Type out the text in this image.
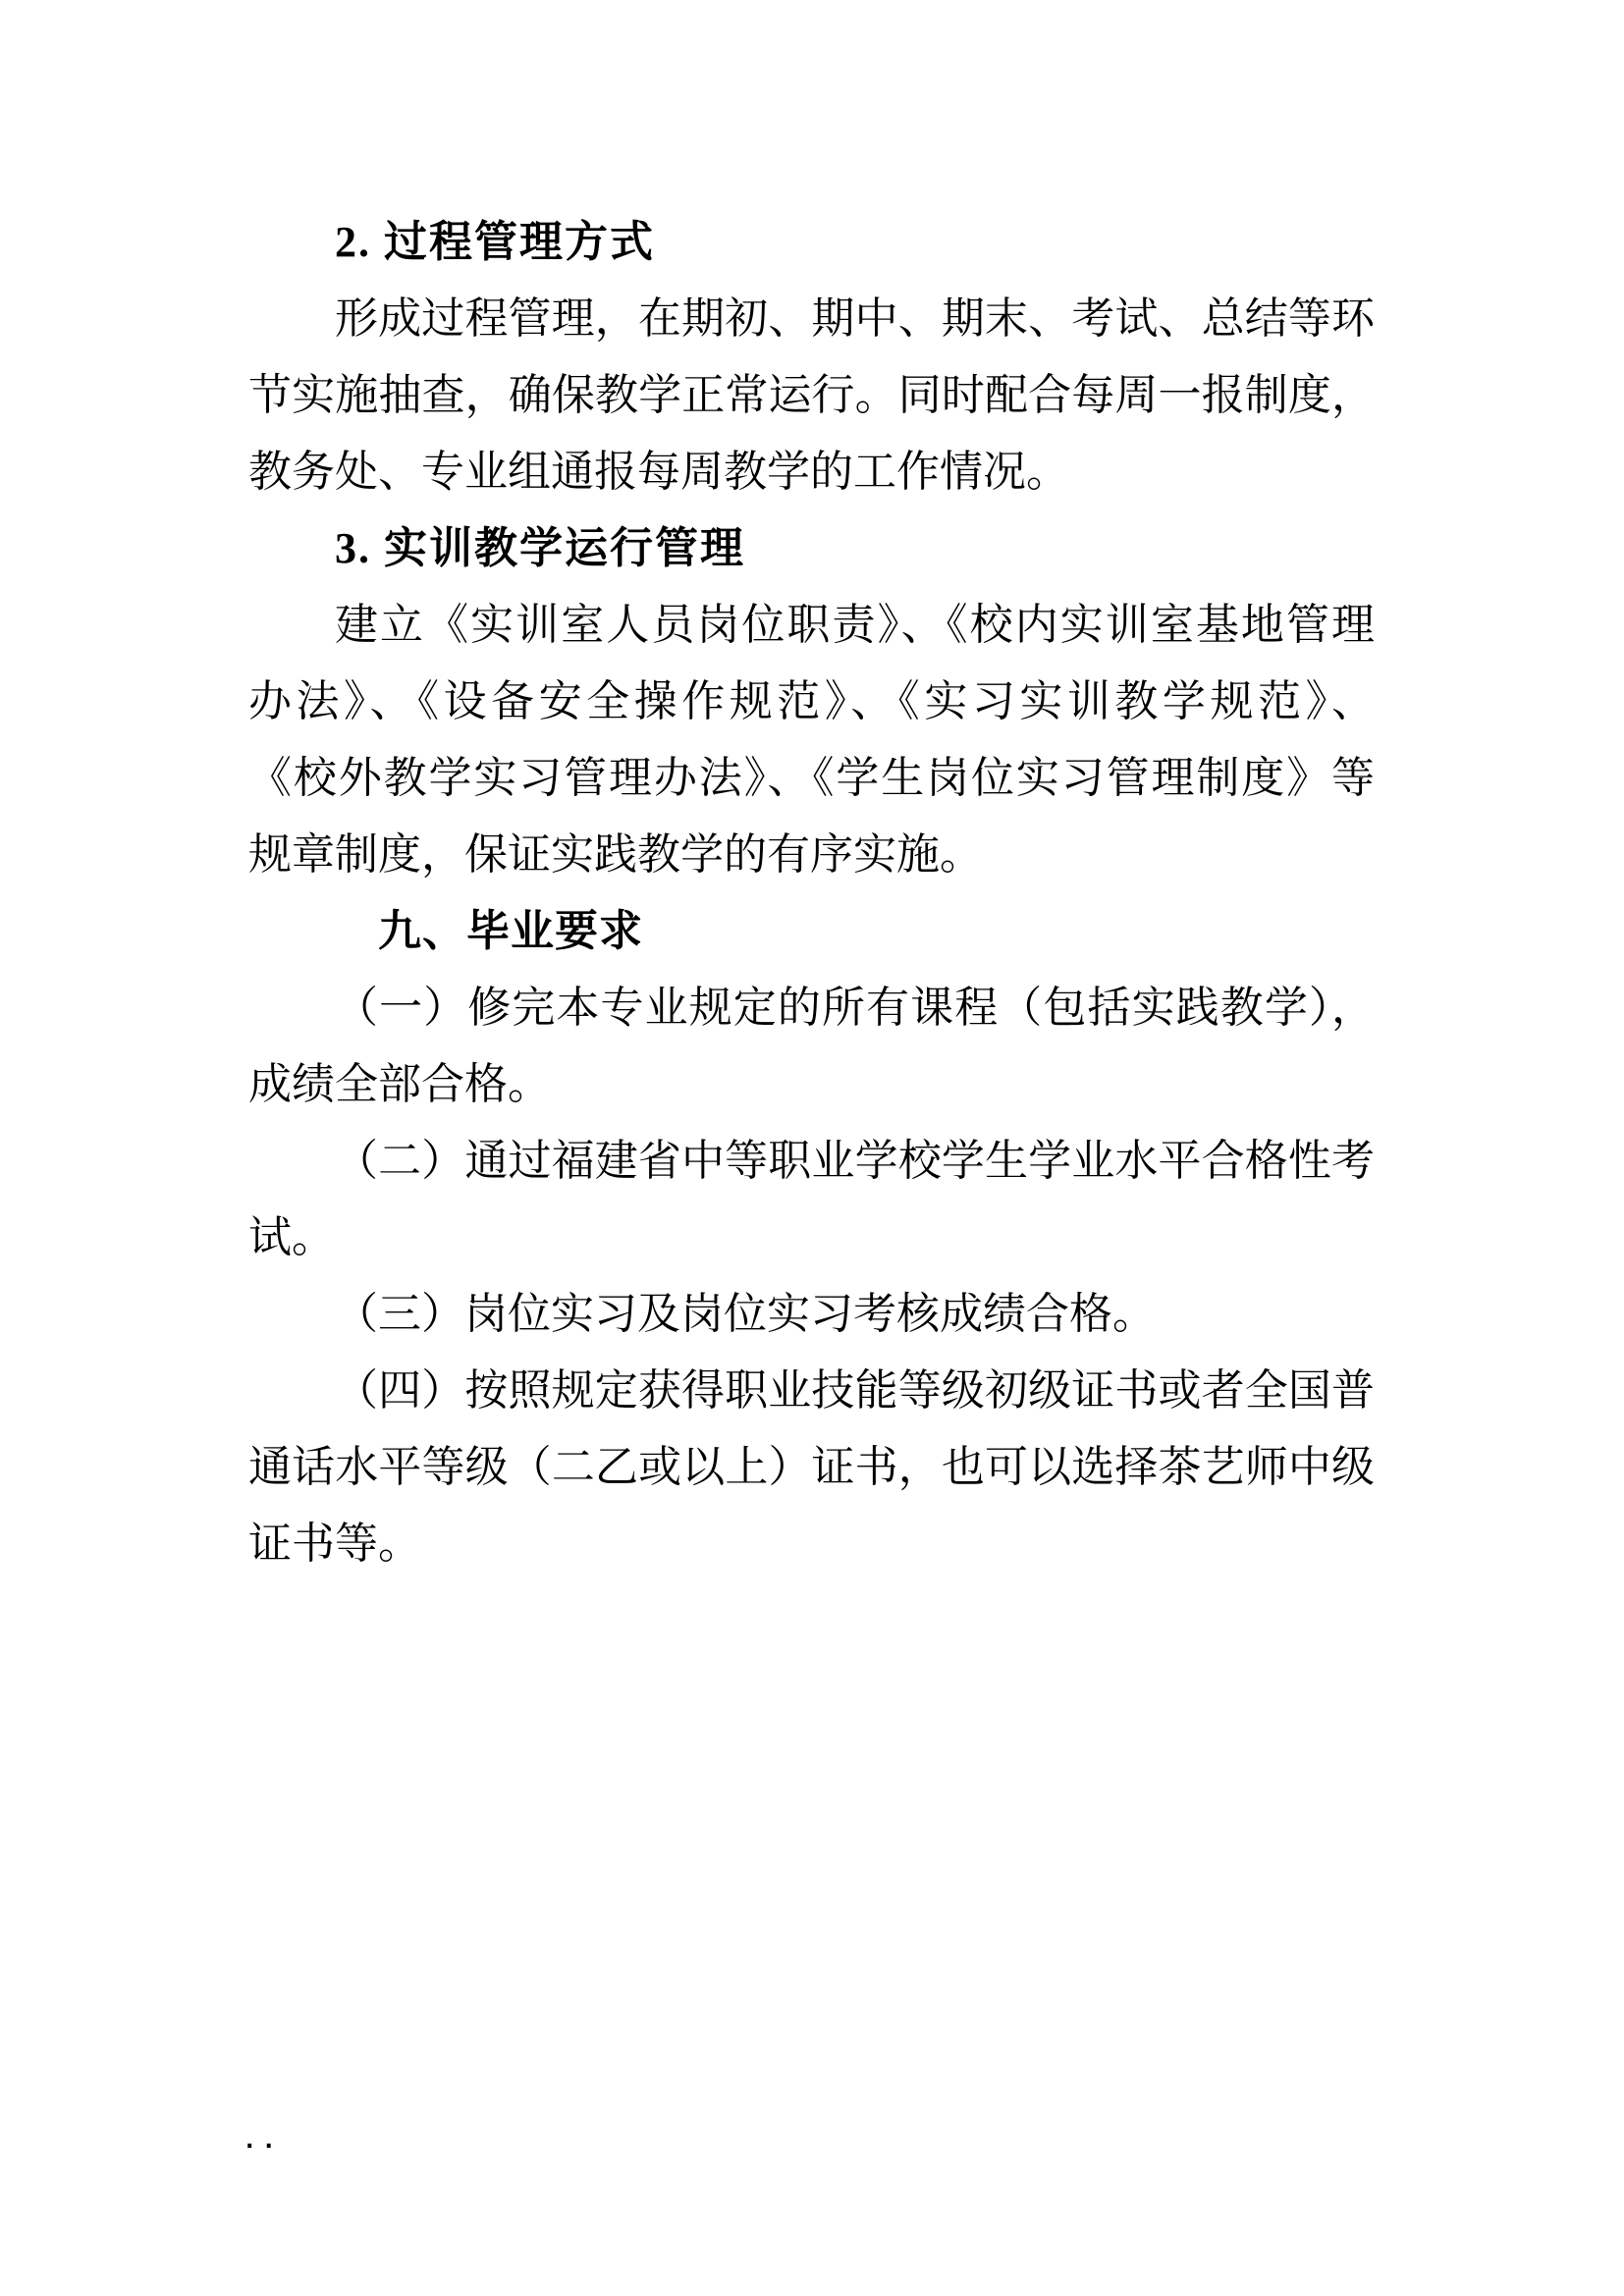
2. 过程管理方式
形成过程管理，在期初、期中、期末、考试、总结等环
节实施抽查，确保教学正常运行。同时配合每周一报制度，
教务处、专业组通报每周教学的工作情况。
3. 实训教学运行管理
建立《实训室人员岗位职责》、《校内实训室基地管理
办法》、《设备安全操作规范》、《实习实训教学规范》、
《校外教学实习管理办法》、《学生岗位实习管理制度》等
规章制度，保证实践教学的有序实施。
九、毕业要求
（一）修完本专业规定的所有课程（包括实践教学），
成绩全部合格。
（二）通过福建省中等职业学校学生学业水平合格性考
试。
（三）岗位实习及岗位实习考核成绩合格。
（四）按照规定获得职业技能等级初级证书或者全国普
通话水平等级（二乙或以上）证书，也可以选择茶艺师中级
证书等。
..
